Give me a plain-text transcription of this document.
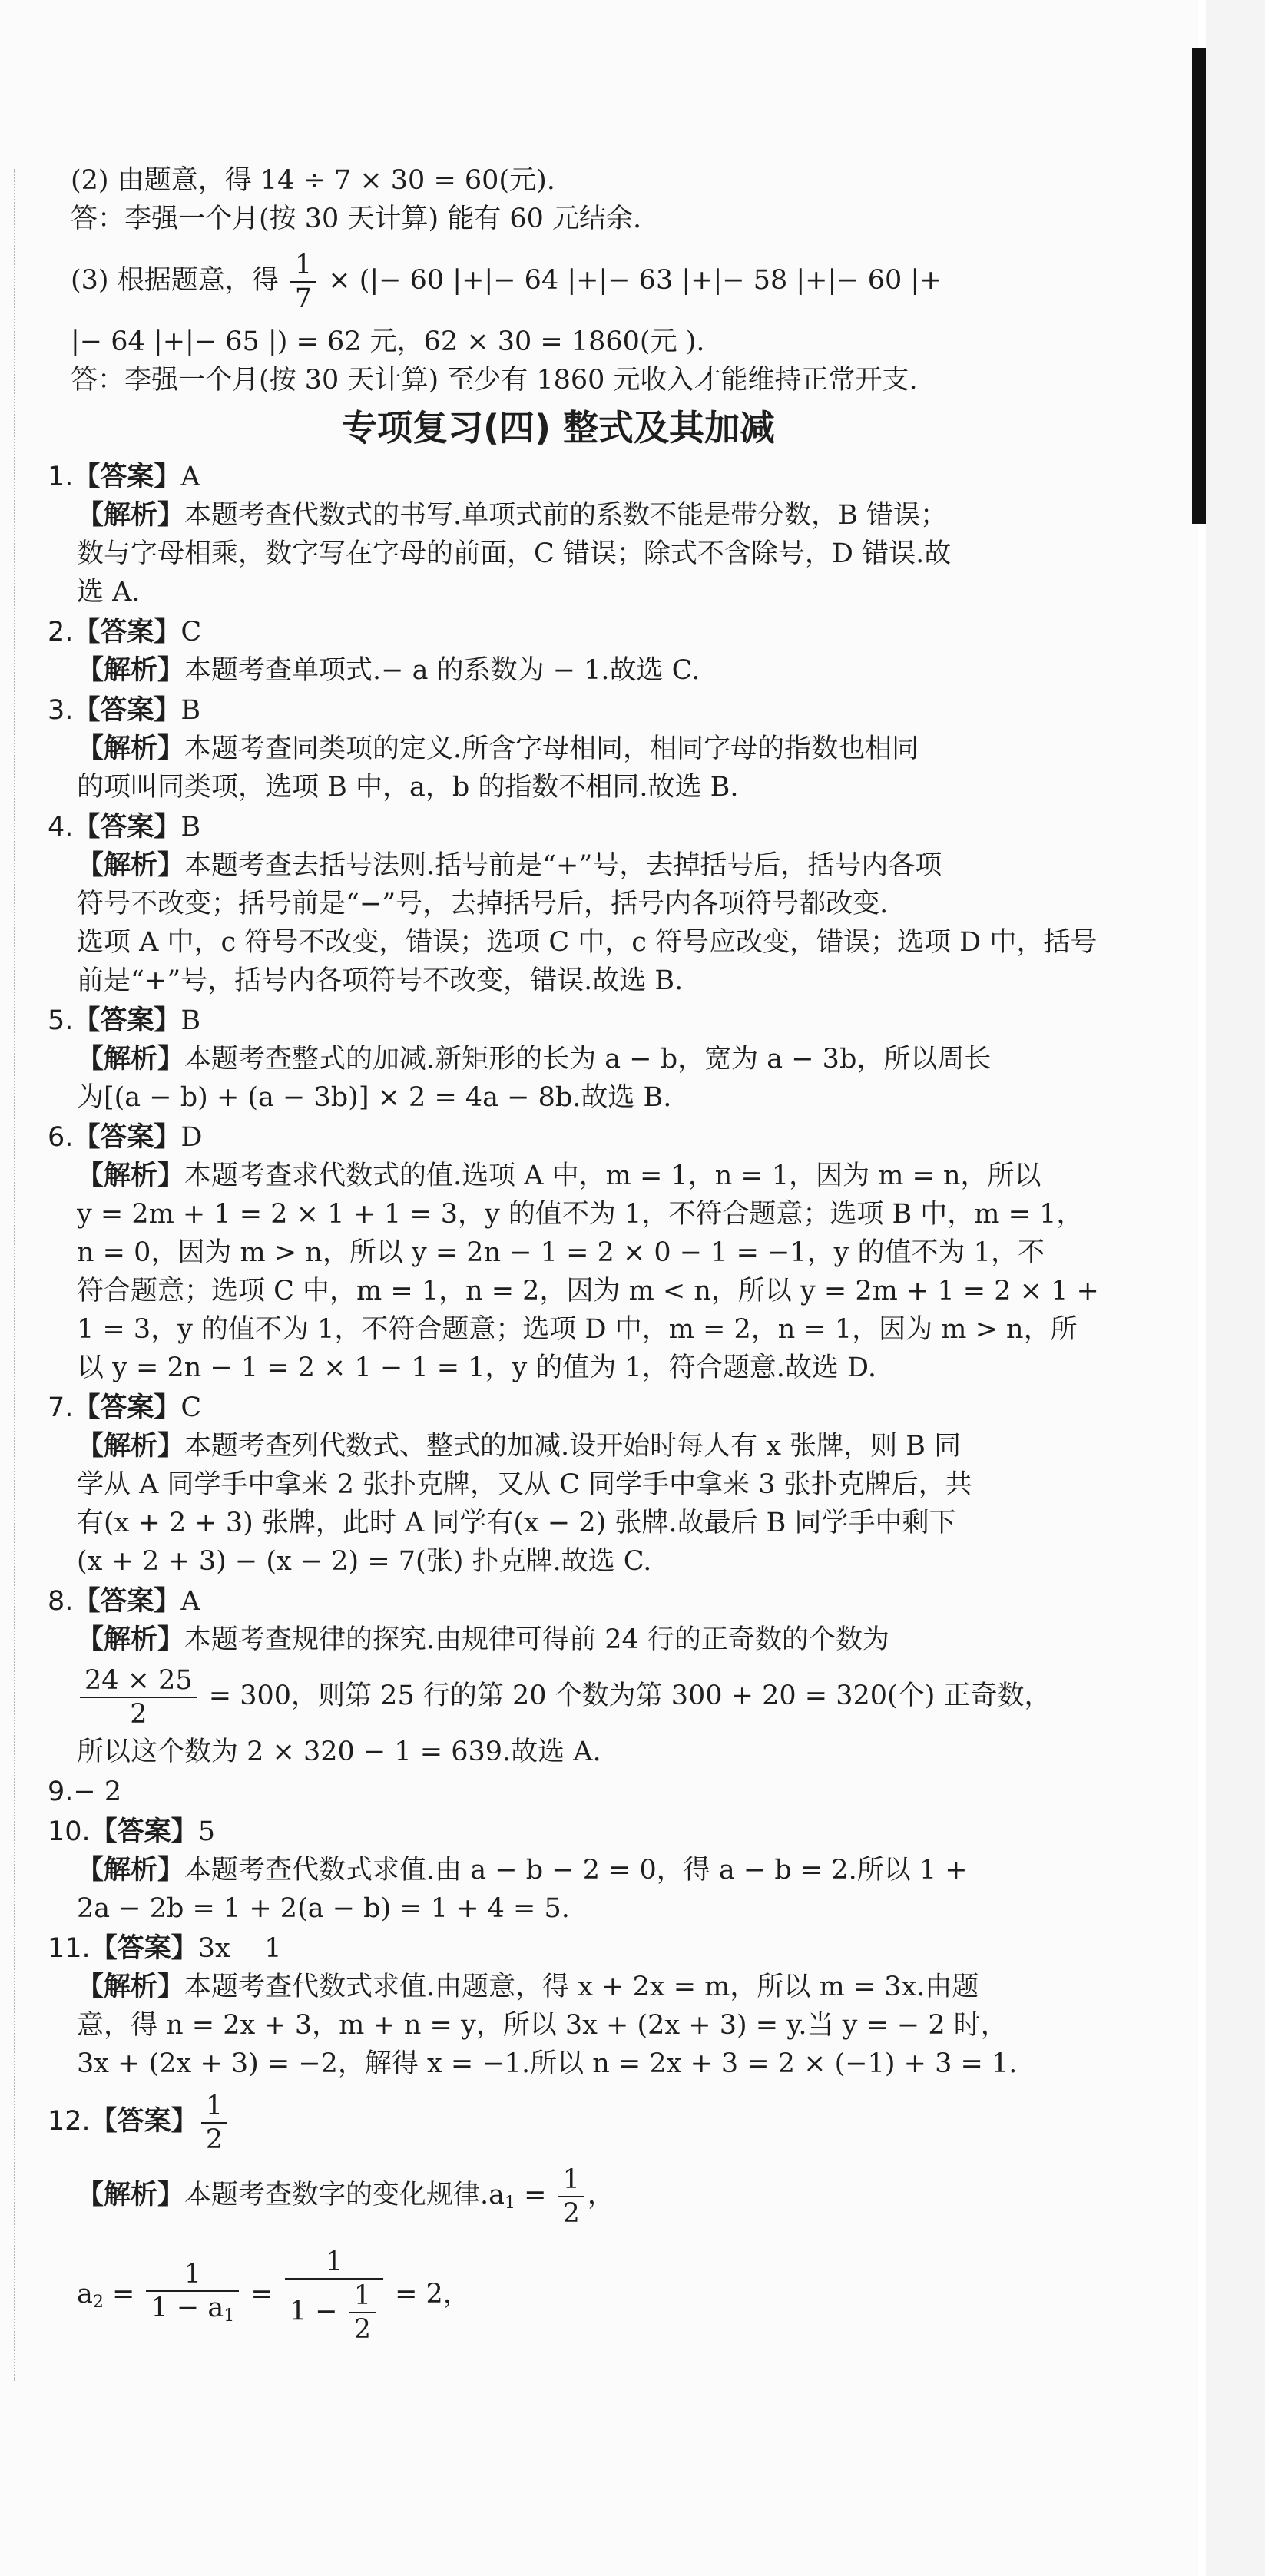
(2) 由题意，得 14 ÷ 7 × 30 = 60(元).
答：李强一个月(按 30 天计算) 能有 60 元结余.
(3) 根据题意，得 $\frac{1}{7}$ × (|− 60 |+|− 64 |+|− 63 |+|− 58 |+|− 60 |+
|− 64 |+|− 65 |) = 62 元，62 × 30 = 1860(元 ).
答：李强一个月(按 30 天计算) 至少有 1860 元收入才能维持正常开支.
专项复习(四) 整式及其加减
1.【答案】A
【解析】本题考查代数式的书写.单项式前的系数不能是带分数，B 错误；
数与字母相乘，数字写在字母的前面，C 错误；除式不含除号，D 错误.故
选 A.
2.【答案】C
【解析】本题考查单项式.− a 的系数为 − 1.故选 C.
3.【答案】B
【解析】本题考查同类项的定义.所含字母相同，相同字母的指数也相同
的项叫同类项，选项 B 中，a，b 的指数不相同.故选 B.
4.【答案】B
【解析】本题考查去括号法则.括号前是“+”号，去掉括号后，括号内各项
符号不改变；括号前是“−”号，去掉括号后，括号内各项符号都改变.
选项 A 中，c 符号不改变，错误；选项 C 中，c 符号应改变，错误；选项 D 中，括号
前是“+”号，括号内各项符号不改变，错误.故选 B.
5.【答案】B
【解析】本题考查整式的加减.新矩形的长为 a − b，宽为 a − 3b，所以周长
为[(a − b) + (a − 3b)] × 2 = 4a − 8b.故选 B.
6.【答案】D
【解析】本题考查求代数式的值.选项 A 中，m = 1，n = 1，因为 m = n，所以
y = 2m + 1 = 2 × 1 + 1 = 3，y 的值不为 1，不符合题意；选项 B 中，m = 1，
n = 0，因为 m > n，所以 y = 2n − 1 = 2 × 0 − 1 = −1，y 的值不为 1，不
符合题意；选项 C 中，m = 1，n = 2，因为 m < n，所以 y = 2m + 1 = 2 × 1 +
1 = 3，y 的值不为 1，不符合题意；选项 D 中，m = 2，n = 1，因为 m > n，所
以 y = 2n − 1 = 2 × 1 − 1 = 1，y 的值为 1，符合题意.故选 D.
7.【答案】C
【解析】本题考查列代数式、整式的加减.设开始时每人有 x 张牌，则 B 同
学从 A 同学手中拿来 2 张扑克牌，又从 C 同学手中拿来 3 张扑克牌后，共
有(x + 2 + 3) 张牌，此时 A 同学有(x − 2) 张牌.故最后 B 同学手中剩下
(x + 2 + 3) − (x − 2) = 7(张) 扑克牌.故选 C.
8.【答案】A
【解析】本题考查规律的探究.由规律可得前 24 行的正奇数的个数为
$\frac{24 \times 25}{2} = 300$，则第 25 行的第 20 个数为第 300 + 20 = 320(个) 正奇数，
所以这个数为 2 × 320 − 1 = 639.故选 A.
9.− 2
10.【答案】5
【解析】本题考查代数式求值.由 a − b − 2 = 0，得 a − b = 2.所以 1 +
2a − 2b = 1 + 2(a − b) = 1 + 4 = 5.
11.【答案】3x    1
【解析】本题考查代数式求值.由题意，得 x + 2x = m，所以 m = 3x.由题
意，得 n = 2x + 3，m + n = y，所以 3x + (2x + 3) = y.当 y = − 2 时，
3x + (2x + 3) = −2，解得 x = −1.所以 n = 2x + 3 = 2 × (−1) + 3 = 1.
12.【答案】 $\frac{1}{2}$
【解析】本题考查数字的变化规律$.a_1 = \frac{1}{2}$ ，
$a_2 = \frac{1}{1 - a_1} = \frac{1}{1 - \frac{1}{2}} = 2$，
